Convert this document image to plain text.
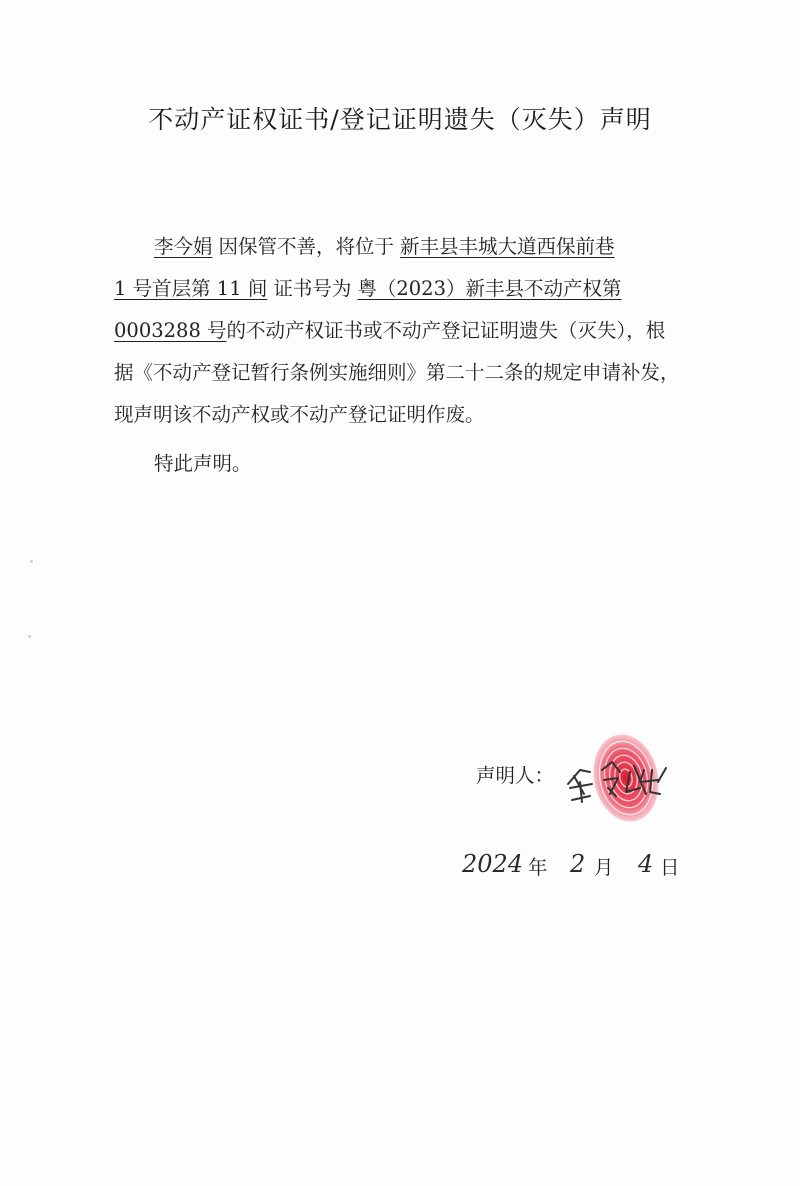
不动产证权证书/登记证明遗失（灭失）声明
李今娟 因保管不善，将位于 新丰县丰城大道西保前巷
1 号首层第 11 间 证书号为 粤（2023）新丰县不动产权第
0003288 号的不动产权证书或不动产登记证明遗失（灭失），根
据《不动产登记暂行条例实施细则》第二十二条的规定申请补发，
现声明该不动产权或不动产登记证明作废。
特此声明。
声明人：
2024 年 2 月 4 日
